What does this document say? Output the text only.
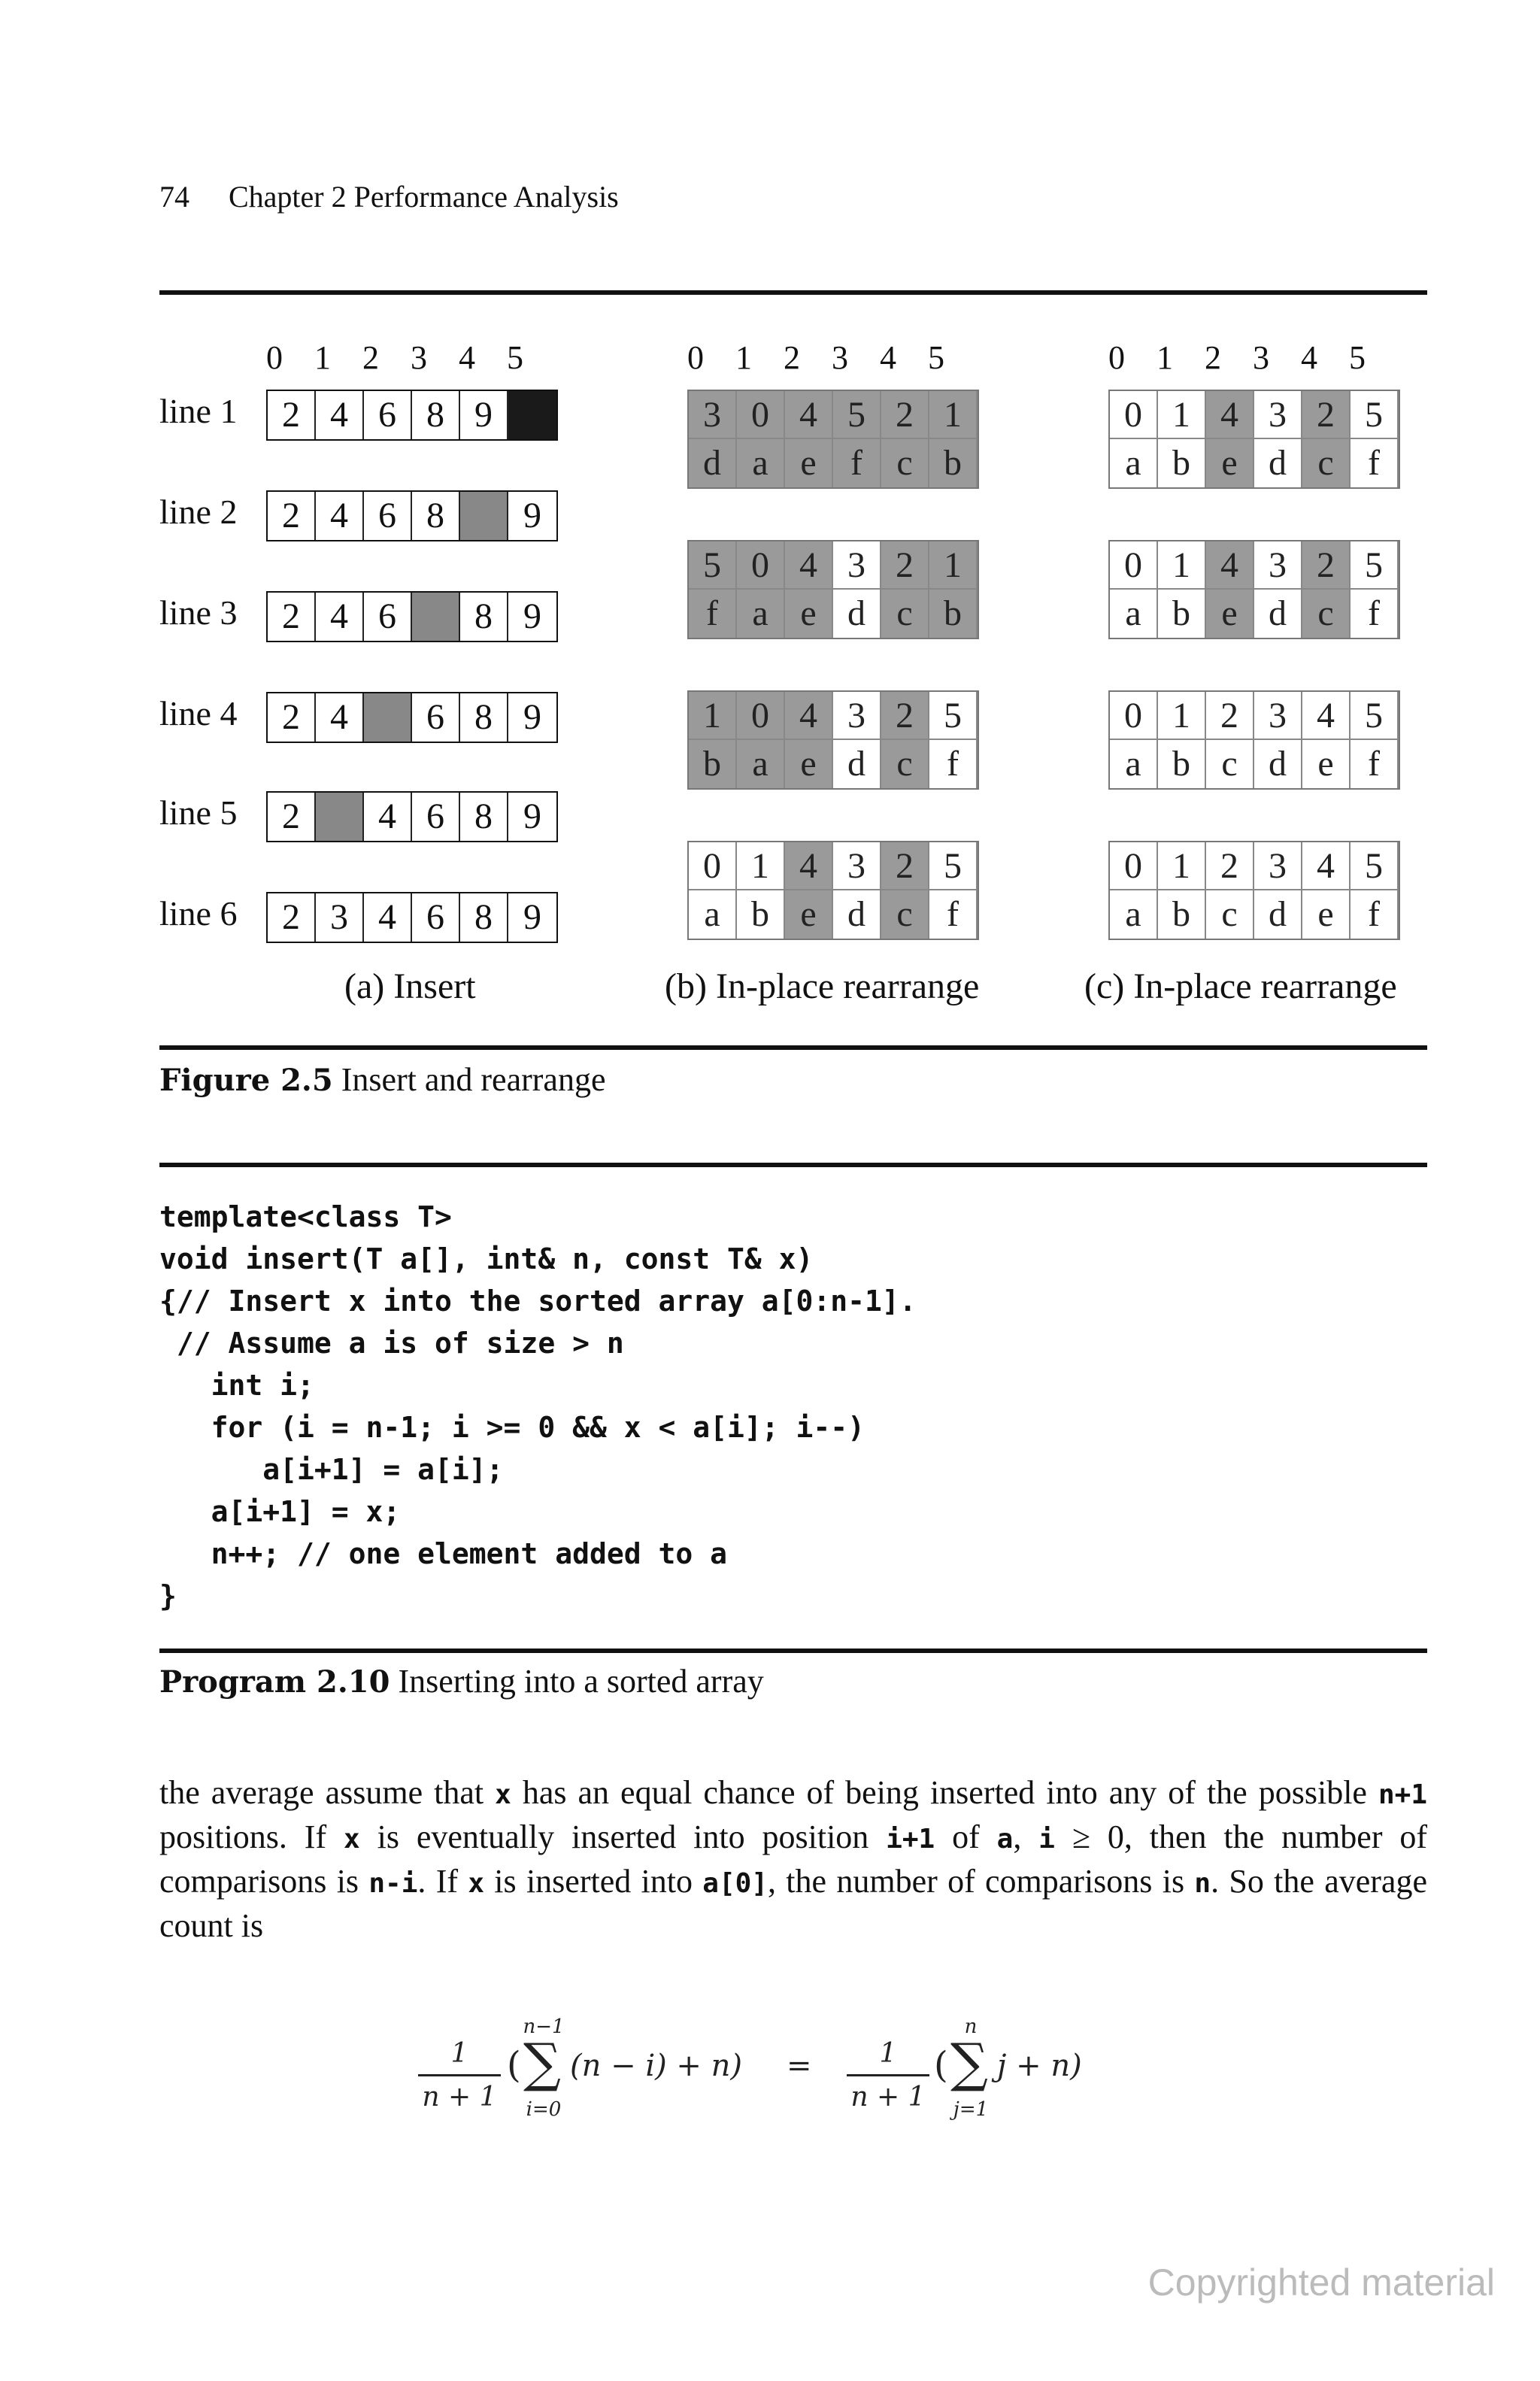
74 Chapter 2 Performance Analysis
0 1 2 3 4 5
line 1	2 4 6 8 9
line 2	2 4 6 8	9
line 3	2 4 6	8 9
line 4	2 4	6 8 9
line 5	2	4 6 8 9
line 6	2 3 4 6 8 9
(a) Insert
0 1 2 3 4 5
3 0 4 5 2 1
d a e f c b
5 0 4 3 2 1
f a e d c b
1 0 4 3 2 5
b a e d c f
0 1 4 3 2 5
a b e d c f
(b) In-place rearrange
0 1 2 3 4 5
0 1 4 3 2 5
a b e d c f
0 1 4 3 2 5
a b e d c f
0 1 2 3 4 5
a b c d e f
0 1 2 3 4 5
a b c d e f
(c) In-place rearrange
Figure 2.5 Insert and rearrange
template<class T>
void insert(T a[], int& n, const T& x)
{// Insert x into the sorted array a[0:n-1].
// Assume a is of size > n
int i;
for (i = n-1; i >= 0 && x < a[i]; i--)
a[i+1] = a[i];
a[i+1] = x;
n++; // one element added to a
}
Program 2.10 Inserting into a sorted array
the average assume that x has an equal chance of being inserted into any of the possible n+1 positions. If x is eventually inserted into position i+1 of a, i ≥ 0, then the number of comparisons is n-i. If x is inserted into a[0], the number of comparisons is n. So the average count is
1
n + 1
(
n−1
∑
i=0
(n − i) + n) =	1
n + 1
(
n
∑
j=1
j + n)
Copyrighted material
